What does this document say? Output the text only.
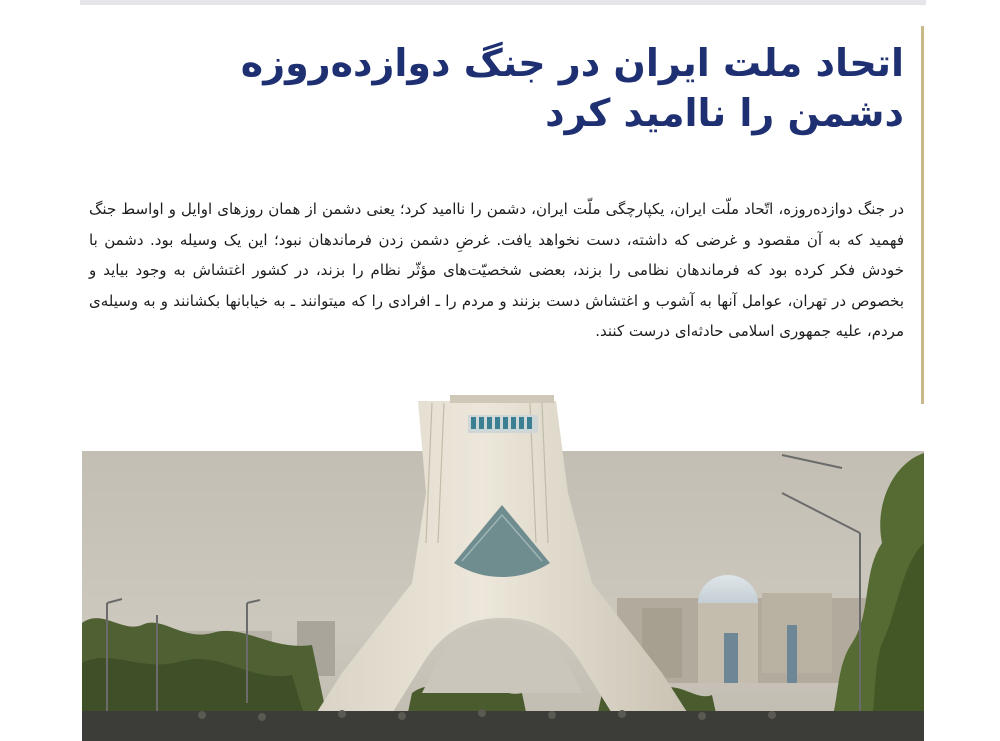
اتحاد ملت ایران در جنگ دوازده‌روزه دشمن را ناامید کرد

در جنگ دوازده‌روزه، اتّحاد ملّت ایران، یکپارچگی ملّت ایران، دشمن را ناامید کرد؛ یعنی دشمن از همان روزهای اوایل و اواسط جنگ فهمید که به آن مقصود و غرضی که داشته، دست نخواهد یافت. غرضِ دشمن زدن فرماندهان نبود؛ این یک وسیله بود. دشمن با خودش فکر کرده بود که فرماندهان نظامی را بزند، بعضی شخصیّت‌های مؤثّر نظام را بزند، در کشور اغتشاش به وجود بیاید و بخصوص در تهران، عوامل آنها به آشوب و اغتشاش دست بزنند و مردم را ـ افرادی را که میتوانند ـ به خیابانها بکشانند و به وسیله‌ی مردم، علیه جمهوری اسلامی حادثه‌ای درست کنند.
